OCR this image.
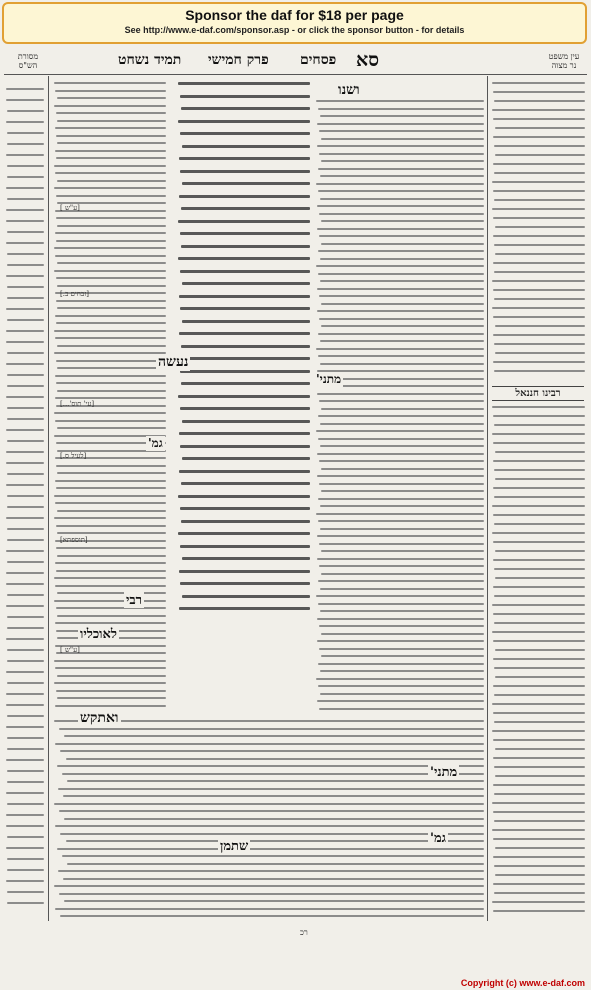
Sponsor the daf for $18 per page
See http://www.e-daf.com/sponsor.asp - or click the sponsor button - for details
תמיד נשחט פרק חמישי פסחים סא
מסורת
הש"ס
עין משפט
נר מצוה
ושנו
מתני'
גמ'
נעשה
רבי
לאוכליו
ואתקש
שתמן
מתני'
גמ'
רבינו חננאל
[ע"ש ]
[זבחים ב.]
[עי' תוס'...]
[לעיל ס.]
[תוספתא]
[ע"ש ]
רכ
Copyright (c) www.e-daf.com
